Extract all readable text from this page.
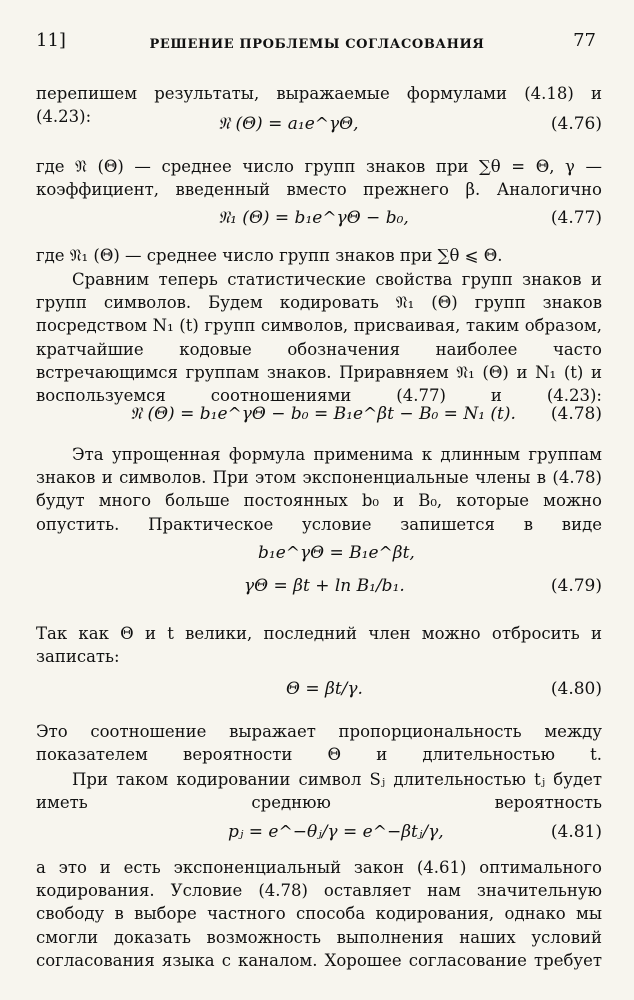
11]	РЕШЕНИЕ ПРОБЛЕМЫ СОГЛАСОВАНИЯ	77
перепишем результаты, выражаемые формулами (4.18) и (4.23):	𝔑 (Θ) = a₁e^γΘ,	(4.76)
где 𝔑 (Θ) — среднее число групп знаков при ∑θ = Θ, γ — коэффициент, введенный вместо прежнего β. Аналогично
𝔑₁ (Θ) = b₁e^γΘ − b₀,	(4.77)
где 𝔑₁ (Θ) — среднее число групп знаков при ∑θ ⩽ Θ.
Сравним теперь статистические свойства групп знаков и групп символов. Будем кодировать 𝔑₁ (Θ) групп знаков посредством N₁ (t) групп символов, присваивая, таким образом, кратчайшие кодовые обозначения наиболее часто встречающимся группам знаков. Приравняем 𝔑₁ (Θ) и N₁ (t) и воспользуемся соотношениями (4.77) и (4.23):
𝔑 (Θ) = b₁e^γΘ − b₀ = B₁e^βt − B₀ = N₁ (t). (4.78)
Эта упрощенная формула применима к длинным группам знаков и символов. При этом экспоненциальные члены в (4.78) будут много больше постоянных b₀ и B₀, которые можно опустить. Практическое условие запишется в виде
b₁e^γΘ = B₁e^βt,
γΘ = βt + ln B₁/b₁.	(4.79)
Так как Θ и t велики, последний член можно отбросить и записать:
Θ = βt/γ.	(4.80)
Это соотношение выражает пропорциональность между показателем вероятности Θ и длительностью t.
При таком кодировании символ Sⱼ длительностью tⱼ будет иметь среднюю вероятность
pⱼ = e^−θⱼ/γ = e^−βtⱼ/γ,	(4.81)
а это и есть экспоненциальный закон (4.61) оптимального кодирования. Условие (4.78) оставляет нам значительную свободу в выборе частного способа кодирования, однако мы смогли доказать возможность выполнения наших условий согласования языка с каналом. Хорошее согласование требует
